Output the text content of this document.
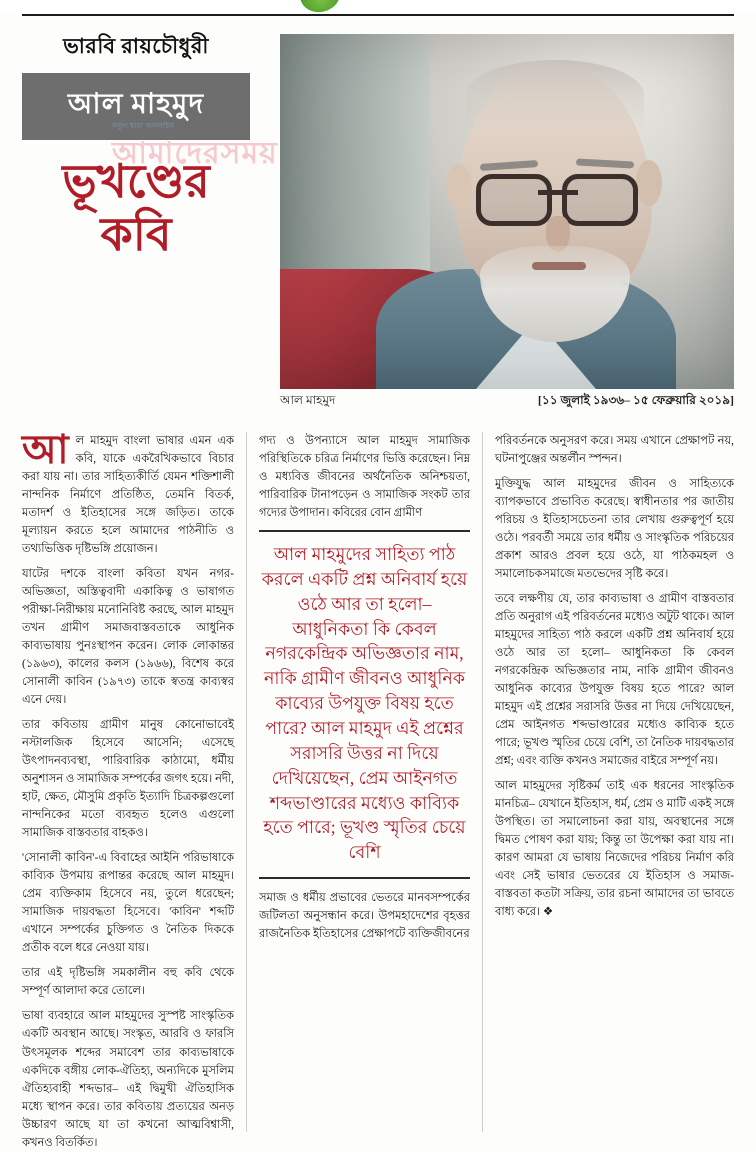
ভারবি রায়চৌধুরী
আল মাহমুদ
ভূখণ্ডের
কবি
আল মাহমুদ	[১১ জুলাই ১৯৩৬– ১৫ ফেব্রুয়ারি ২০১৯]
আ ল মাহমুদ বাংলা ভাষার এমন এক কবি, যাকে একরৈখিকভাবে বিচার করা যায় না। তার সাহিত্যকীর্তি যেমন শক্তিশালী নান্দনিক নির্মাণে প্রতিষ্ঠিত, তেমনি বিতর্ক, মতাদর্শ ও ইতিহাসের সঙ্গে জড়িত। তাকে মূল্যায়ন করতে হলে আমাদের পাঠনীতি ও তথ্যভিত্তিক দৃষ্টিভঙ্গি প্রয়োজন।

যাটের দশকে বাংলা কবিতা যখন নগর-অভিজ্ঞতা, অস্তিত্ববাদী একাকিত্ব ও ভাষাগত পরীক্ষা-নিরীক্ষায় মনোনিবিষ্ট করছে, আল মাহমুদ তখন গ্রামীণ সমাজবাস্তবতাকে আধুনিক কাব্যভাষায় পুনঃস্থাপন করেন। লোক লোকান্তর (১৯৬৩), কালের কলস (১৯৬৬), বিশেষ করে সোনালী কাবিন (১৯৭৩) তাকে স্বতন্ত্র কাব্যস্বর এনে দেয়।

তার কবিতায় গ্রামীণ মানুষ কোনোভাবেই নস্টালজিক হিসেবে আসেনি; এসেছে উৎপাদনব্যবস্থা, পারিবারিক কাঠামো, ধর্মীয় অনুশাসন ও সামাজিক সম্পর্কের জগৎ হয়ে। নদী, হাট, ক্ষেত, মৌসুমি প্রকৃতি ইত্যাদি চিত্রকল্পগুলো নান্দনিকের মতো ব্যবহৃত হলেও এগুলো সামাজিক বাস্তবতার বাহকও।

'সোনালী কাবিন'-এ বিবাহের আইনি পরিভাষাকে কাব্যিক উপমায় রূপান্তর করেছে আল মাহমুদ। প্রেম ব্যক্তিকাম হিসেবে নয়, তুলে ধরেছেন; সামাজিক দায়বদ্ধতা হিসেবে। 'কাবিন' শব্দটি এখানে সম্পর্কের চুক্তিগত ও নৈতিক দিককে প্রতীক বলে ধরে নেওয়া যায়।

তার এই দৃষ্টিভঙ্গি সমকালীন বহু কবি থেকে সম্পূর্ণ আলাদা করে তোলে।

ভাষা ব্যবহারে আল মাহমুদের সুস্পষ্ট সাংস্কৃতিক একটি অবস্থান আছে। সংস্কৃত, আরবি ও ফারসি উৎসমূলক শব্দের সমাবেশ তার কাব্যভাষাকে একদিকে বঙ্গীয় লোক-ঐতিহ্য, অন্যদিকে মুসলিম ঐতিহ্যবাহী শব্দভার– এই দ্বিমুখী ঐতিহাসিক মধ্যে স্থাপন করে। তার কবিতায় প্রত্যয়ের অনড় উচ্চারণ আছে যা তা কখনো আত্মবিশ্বাসী, কখনও বিতর্কিত।

গদ্য ও উপন্যাসে আল মাহমুদ সামাজিক পরিস্থিতিকে চরিত্র নির্মাণের ভিত্তি করেছেন। নিম্ন ও মধ্যবিত্ত জীবনের অর্থনৈতিক অনিশ্চয়তা, পারিবারিক টানাপড়েন ও সামাজিক সংকট তার গদ্যের উপাদান। কবিরের বোন গ্রামীণ

আল মাহমুদের সাহিত্য পাঠ করলে একটি প্রশ্ন অনিবার্য হয়ে ওঠে আর তা হলো– আধুনিকতা কি কেবল নগরকেন্দ্রিক অভিজ্ঞতার নাম, নাকি গ্রামীণ জীবনও আধুনিক কাব্যের উপযুক্ত বিষয় হতে পারে? আল মাহমুদ এই প্রশ্নের সরাসরি উত্তর না দিয়ে দেখিয়েছেন, প্রেম আইনগত শব্দভাণ্ডারের মধ্যেও কাব্যিক হতে পারে; ভূখণ্ড স্মৃতির চেয়ে বেশি

সমাজ ও ধর্মীয় প্রভাবের ভেতরে মানবসম্পর্কের জটিলতা অনুসন্ধান করে। উপমহাদেশের বৃহত্তর রাজনৈতিক ইতিহাসের প্রেক্ষাপটে ব্যক্তিজীবনের

পরিবর্তনকে অনুসরণ করে। সময় এখানে প্রেক্ষাপট নয়, ঘটনাপুঞ্জের অন্তর্লীন স্পন্দন।

মুক্তিযুদ্ধ আল মাহমুদের জীবন ও সাহিত্যকে ব্যাপকভাবে প্রভাবিত করেছে। স্বাধীনতার পর জাতীয় পরিচয় ও ইতিহাসচেতনা তার লেখায় গুরুত্বপূর্ণ হয়ে ওঠে। পরবর্তী সময়ে তার ধর্মীয় ও সাংস্কৃতিক পরিচয়ের প্রকাশ আরও প্রবল হয়ে ওঠে, যা পাঠকমহল ও সমালোচকসমাজে মতভেদের সৃষ্টি করে।

তবে লক্ষণীয় যে, তার কাব্যভাষা ও গ্রামীণ বাস্তবতার প্রতি অনুরাগ এই পরিবর্তনের মধ্যেও অটুট থাকে। আল মাহমুদের সাহিত্য পাঠ করলে একটি প্রশ্ন অনিবার্য হয়ে ওঠে আর তা হলো– আধুনিকতা কি কেবল নগরকেন্দ্রিক অভিজ্ঞতার নাম, নাকি গ্রামীণ জীবনও আধুনিক কাব্যের উপযুক্ত বিষয় হতে পারে? আল মাহমুদ এই প্রশ্নের সরাসরি উত্তর না দিয়ে দেখিয়েছেন, প্রেম আইনগত শব্দভাণ্ডারের মধ্যেও কাব্যিক হতে পারে; ভূখণ্ড স্মৃতির চেয়ে বেশি, তা নৈতিক দায়বদ্ধতার প্রশ্ন; এবং ব্যক্তি কখনও সমাজের বাইরে সম্পূর্ণ নয়।

আল মাহমুদের সৃষ্টিকর্ম তাই এক ধরনের সাংস্কৃতিক মানচিত্র– যেখানে ইতিহাস, ধর্ম, প্রেম ও মাটি একই সঙ্গে উপস্থিত। তা সমালোচনা করা যায়, অবস্থানের সঙ্গে দ্বিমত পোষণ করা যায়; কিন্তু তা উপেক্ষা করা যায় না। কারণ আমরা যে ভাষায় নিজেদের পরিচয় নির্মাণ করি এবং সেই ভাষার ভেতরের যে ইতিহাস ও সমাজ-বাস্তবতা কতটা সক্রিয়, তার রচনা আমাদের তা ভাবতে বাধ্য করে। ❖

নতুন ধারা অনলাইন
আমাদেরসময়
